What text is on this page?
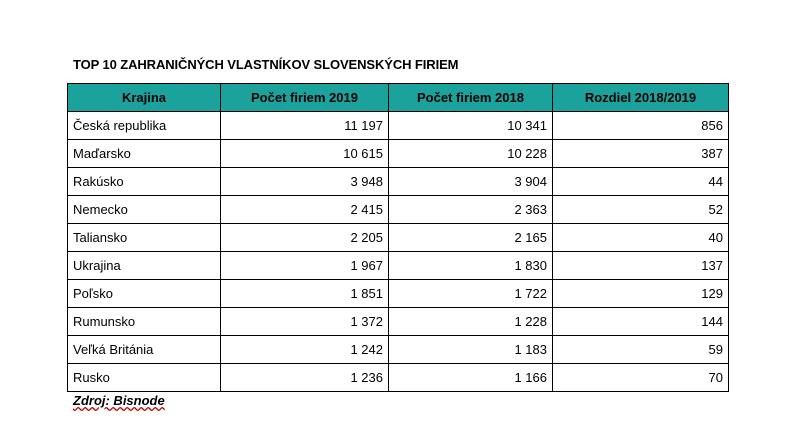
TOP 10 ZAHRANIČNÝCH VLASTNÍKOV SLOVENSKÝCH FIRIEM
Krajina	Počet firiem 2019	Počet firiem 2018	Rozdiel 2018/2019
Česká republika	11 197	10 341	856
Maďarsko	10 615	10 228	387
Rakúsko	3 948	3 904	44
Nemecko	2 415	2 363	52
Taliansko	2 205	2 165	40
Ukrajina	1 967	1 830	137
Poľsko	1 851	1 722	129
Rumunsko	1 372	1 228	144
Veľká Británia	1 242	1 183	59
Rusko	1 236	1 166	70
Zdroj: Bisnode
